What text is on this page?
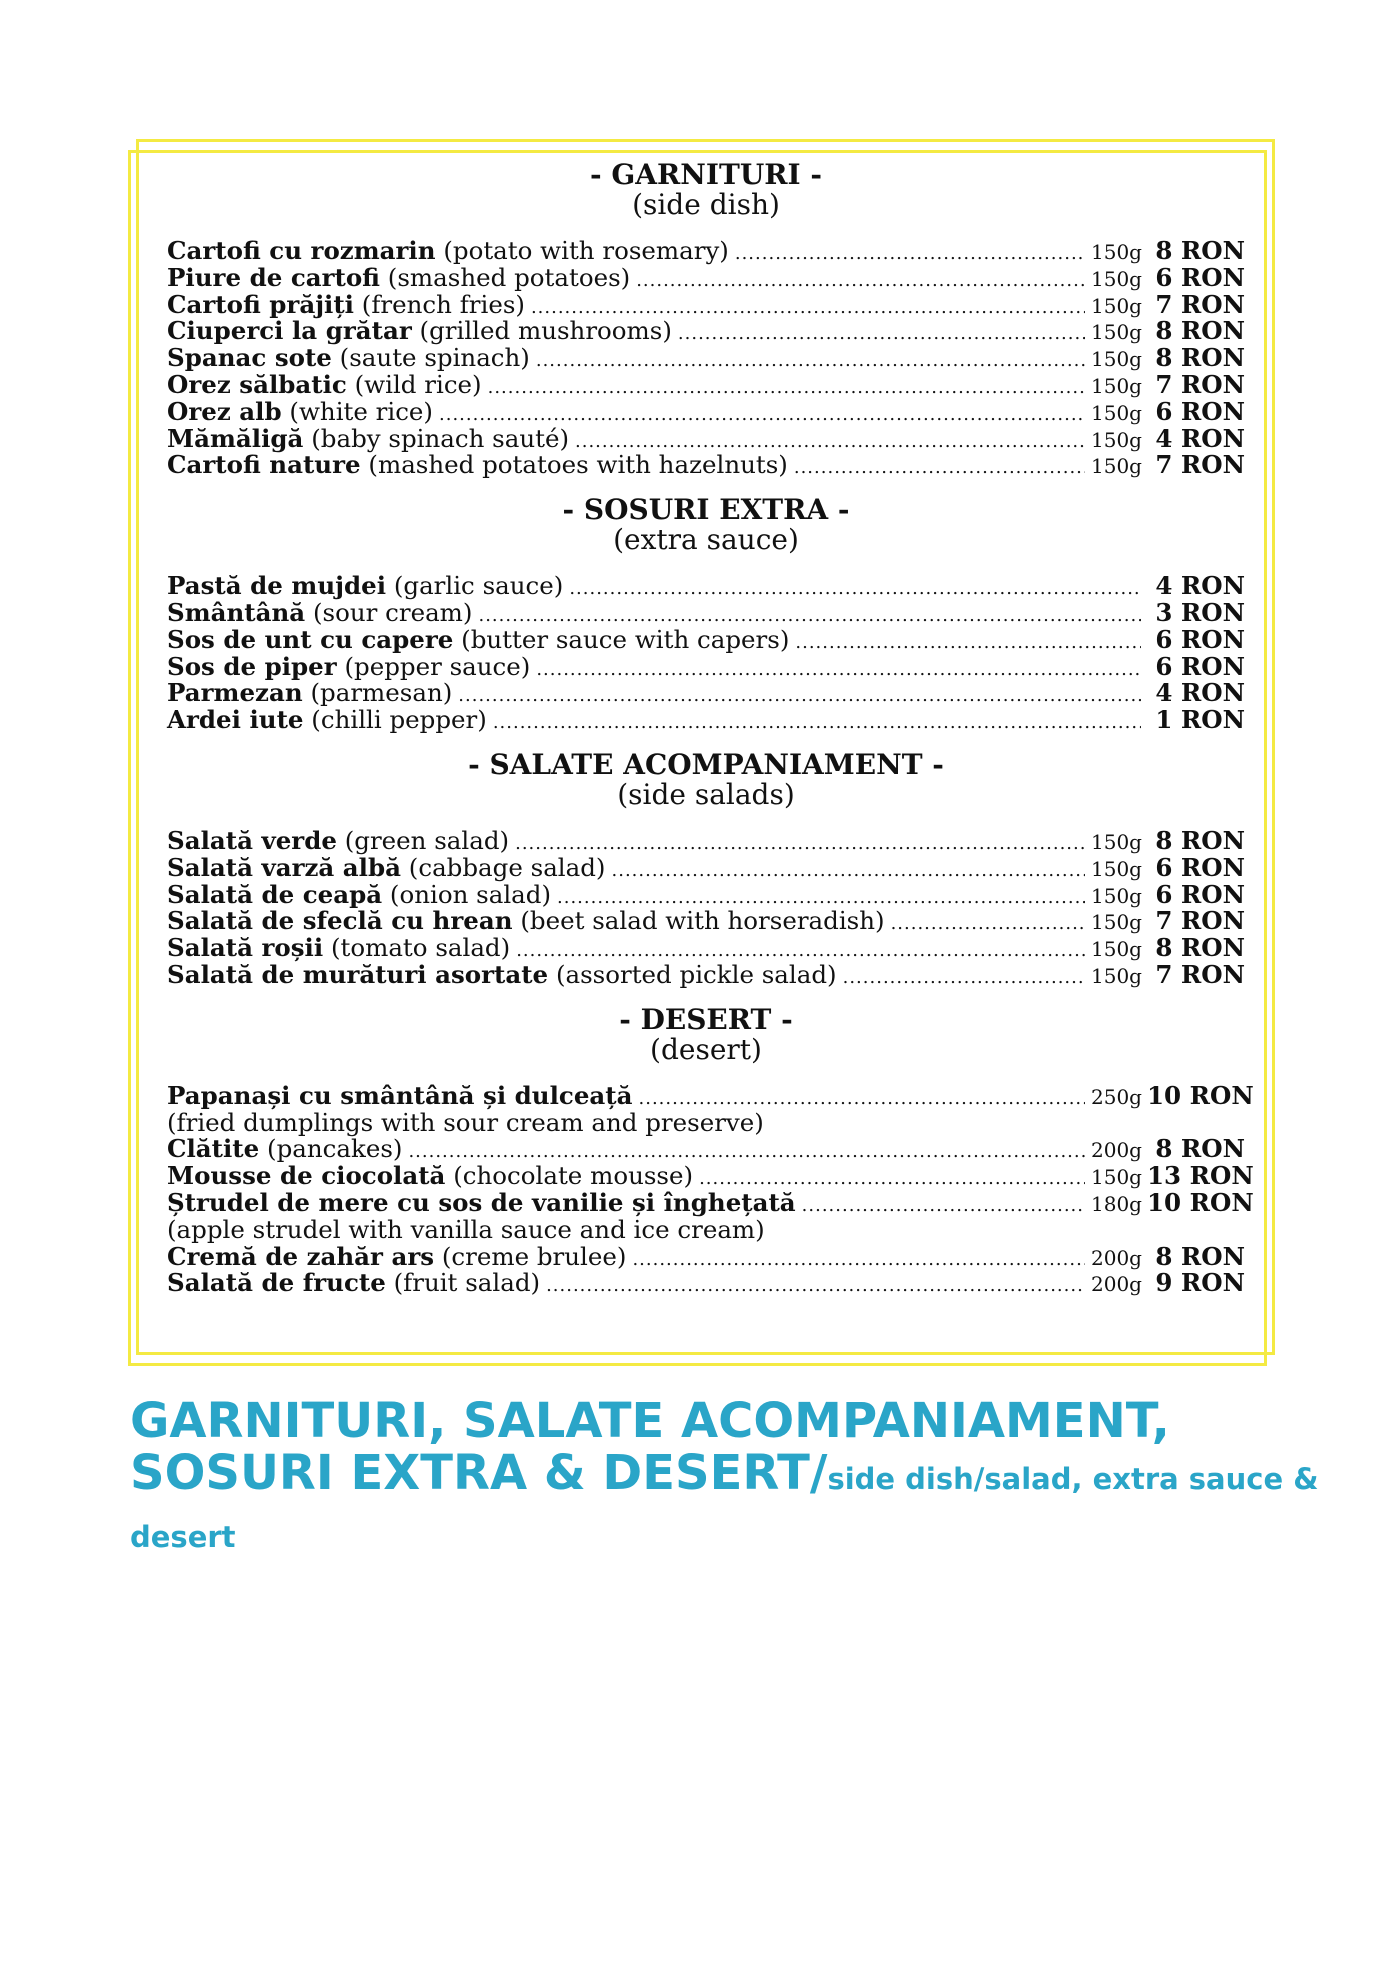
- GARNITURI -
(side dish)
Cartofi cu rozmarin
(potato with rosemary) .....	150g 8 RON
Piure de cartofi
(smashed potatoes) .....	150g 6 RON
Cartofi prăjiți
(french fries) .....	150g 7 RON
Ciuperci la grătar
(grilled mushrooms) .....	150g 8 RON
Spanac sote
(saute spinach) .....	150g 8 RON
Orez sălbatic
(wild rice) .....	150g 7 RON
Orez alb
(white rice) .....	150g 6 RON
Mămăligă
(baby spinach sauté) .....	150g 4 RON
Cartofi nature
(mashed potatoes with hazelnuts) .....	150g 7 RON
- SOSURI EXTRA -
(extra sauce)
Pastă de mujdei
(garlic sauce) .....	4 RON
Smântână
(sour cream) .....	3 RON
Sos de unt cu capere
(butter sauce with capers) .....	6 RON
Sos de piper
(pepper sauce) .....	6 RON
Parmezan
(parmesan) .....	4 RON
Ardei iute
(chilli pepper) .....	1 RON
- SALATE ACOMPANIAMENT -
(side salads)
Salată verde
(green salad) .....	150g 8 RON
Salată varză albă
(cabbage salad) .....	150g 6 RON
Salată de ceapă
(onion salad) .....	150g 6 RON
Salată de sfeclă cu hrean
(beet salad with horseradish) .....	150g 7 RON
Salată roșii
(tomato salad) .....	150g 8 RON
Salată de murături asortate
(assorted pickle salad) .....	150g 7 RON
- DESERT -
(desert)
Papanași cu smântână și dulceață .....	250g 10 RON
(fried dumplings with sour cream and preserve)
Clătite
(pancakes) .....	200g 8 RON
Mousse de ciocolată
(chocolate mousse) .....	150g 13 RON
Ștrudel de mere cu sos de vanilie și înghețată .....	180g 10 RON
(apple strudel with vanilla sauce and ice cream)
Cremă de zahăr ars
(creme brulee) .....	200g 8 RON
Salată de fructe
(fruit salad) .....	200g 9 RON
GARNITURI, SALATE ACOMPANIAMENT,
SOSURI EXTRA & DESERT/side dish/salad, extra sauce & desert
